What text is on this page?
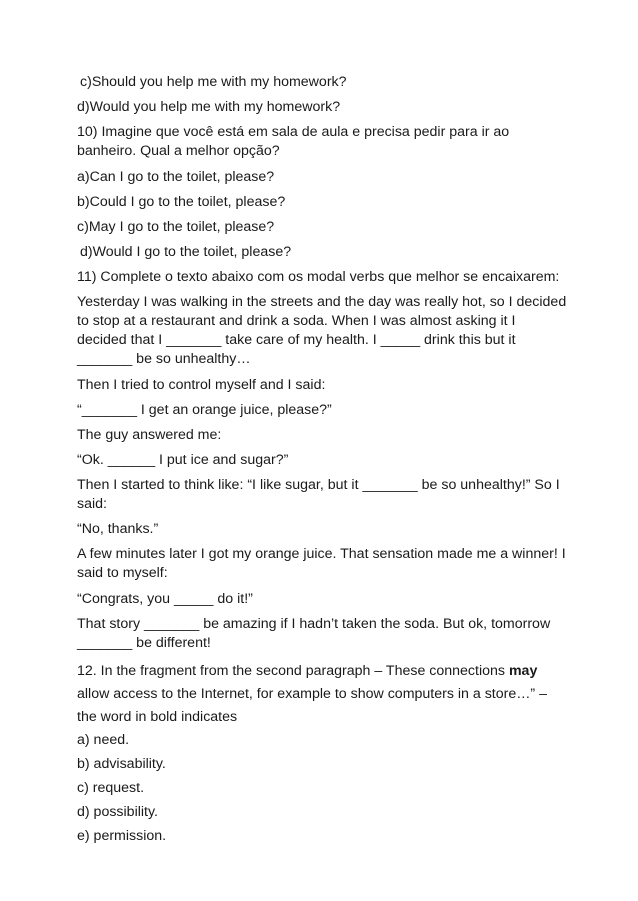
c)Should you help me with my homework?

d)Would you help me with my homework?

10) Imagine que você está em sala de aula e precisa pedir para ir ao banheiro. Qual a melhor opção?

a)Can I go to the toilet, please?

b)Could I go to the toilet, please?

c)May I go to the toilet, please?

d)Would I go to the toilet, please?

11) Complete o texto abaixo com os modal verbs que melhor se encaixarem:

Yesterday I was walking in the streets and the day was really hot, so I decided to stop at a restaurant and drink a soda. When I was almost asking it I decided that I _______ take care of my health. I _____ drink this but it _______ be so unhealthy…

Then I tried to control myself and I said:

“_______ I get an orange juice, please?”

The guy answered me:

“Ok. ______ I put ice and sugar?”

Then I started to think like: “I like sugar, but it _______ be so unhealthy!” So I said:

“No, thanks.”

A few minutes later I got my orange juice. That sensation made me a winner! I said to myself:

“Congrats, you _____ do it!”

That story _______ be amazing if I hadn’t taken the soda. But ok, tomorrow _______ be different!

12. In the fragment from the second paragraph – These connections may allow access to the Internet, for example to show computers in a store…” – the word in bold indicates

a) need.

b) advisability.

c) request.

d) possibility.

e) permission.
